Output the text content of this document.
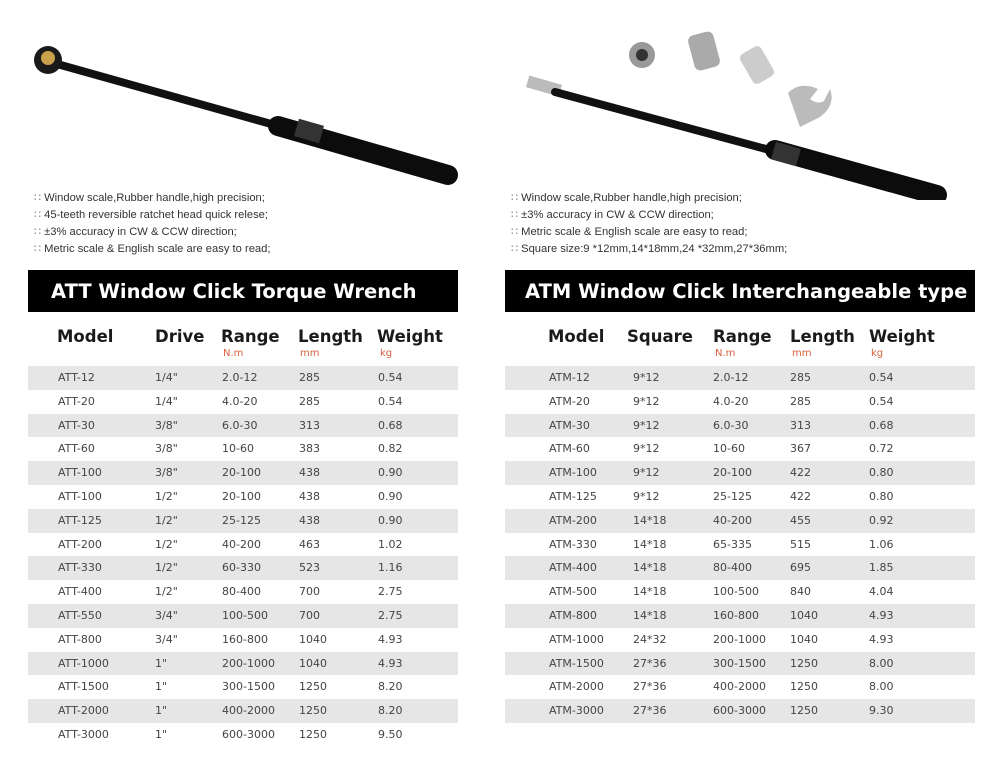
∷ Window scale,Rubber handle,high precision;
∷ 45-teeth reversible ratchet head quick relese;
∷ ±3% accuracy in CW & CCW direction;
∷ Metric scale & English scale are easy to read;
ATT Window Click Torque Wrench
Model	Drive Range Length Weight
N.m	mm	kg
ATT-12	1/4"	2.0-12	285	0.54
ATT-20	1/4"	4.0-20	285	0.54
ATT-30	3/8"	6.0-30	313	0.68
ATT-60	3/8"	10-60	383	0.82
ATT-100	3/8"	20-100	438	0.90
ATT-100	1/2"	20-100	438	0.90
ATT-125	1/2"	25-125	438	0.90
ATT-200	1/2"	40-200	463	1.02
ATT-330	1/2"	60-330	523	1.16
ATT-400	1/2"	80-400	700	2.75
ATT-550	3/4"	100-500	700	2.75
ATT-800	3/4"	160-800	1040	4.93
ATT-1000	1"	200-1000 1040	4.93
ATT-1500	1"	300-1500 1250	8.20
ATT-2000	1"	400-2000 1250	8.20
ATT-3000	1"	600-3000 1250	9.50
∷ Window scale,Rubber handle,high precision;
∷ ±3% accuracy in CW & CCW direction;
∷ Metric scale & English scale are easy to read;
∷ Square size:9 *12mm,14*18mm,24 *32mm,27*36mm;
ATM Window Click Interchangeable type
Model Square Range Length Weight
N.m	mm	kg
ATM-12	9*12	2.0-12	285	0.54
ATM-20	9*12	4.0-20	285	0.54
ATM-30	9*12	6.0-30	313	0.68
ATM-60	9*12	10-60	367	0.72
ATM-100	9*12	20-100	422	0.80
ATM-125	9*12	25-125	422	0.80
ATM-200	14*18	40-200	455	0.92
ATM-330	14*18	65-335	515	1.06
ATM-400	14*18	80-400	695	1.85
ATM-500	14*18	100-500	840	4.04
ATM-800	14*18	160-800	1040	4.93
ATM-1000	24*32	200-1000 1040	4.93
ATM-1500	27*36	300-1500 1250	8.00
ATM-2000	27*36	400-2000 1250	8.00
ATM-3000	27*36	600-3000 1250	9.30
